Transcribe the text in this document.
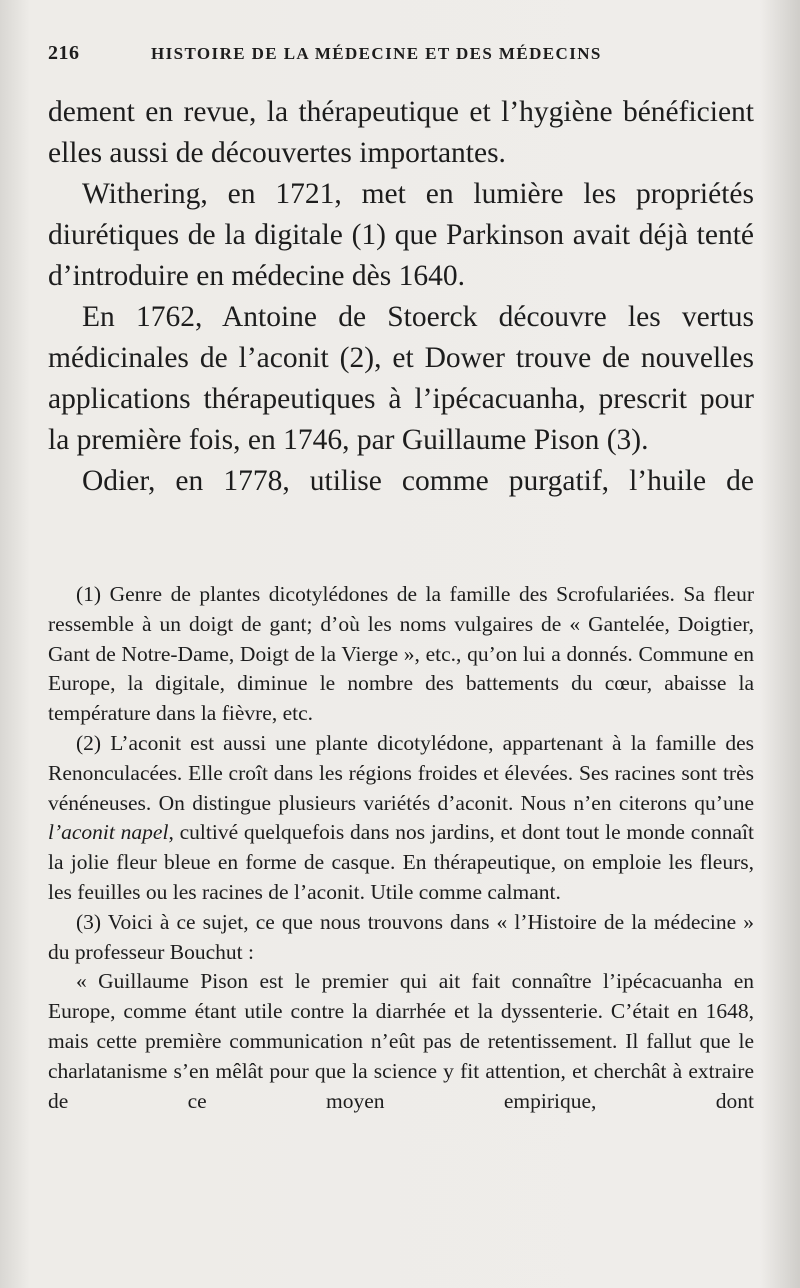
216	HISTOIRE DE LA MÉDECINE ET DES MÉDECINS

dement en revue, la thérapeutique et l’hygiène bénéficient elles aussi de découvertes importantes.

Withering, en 1721, met en lumière les propriétés diurétiques de la digitale (1) que Parkinson avait déjà tenté d’introduire en médecine dès 1640.

En 1762, Antoine de Stoerck découvre les vertus médicinales de l’aconit (2), et Dower trouve de nouvelles applications thérapeutiques à l’ipécacuanha, prescrit pour la première fois, en 1746, par Guillaume Pison (3).

Odier, en 1778, utilise comme purgatif, l’huile de

(1) Genre de plantes dicotylédones de la famille des Scrofulariées. Sa fleur ressemble à un doigt de gant; d’où les noms vulgaires de « Gantelée, Doigtier, Gant de Notre-Dame, Doigt de la Vierge », etc., qu’on lui a donnés. Commune en Europe, la digitale, diminue le nombre des battements du cœur, abaisse la température dans la fièvre, etc.

(2) L’aconit est aussi une plante dicotylédone, appartenant à la famille des Renonculacées. Elle croît dans les régions froides et élevées. Ses racines sont très vénéneuses. On distingue plusieurs variétés d’aconit. Nous n’en citerons qu’une l’aconit napel, cultivé quelquefois dans nos jardins, et dont tout le monde connaît la jolie fleur bleue en forme de casque. En thérapeutique, on emploie les fleurs, les feuilles ou les racines de l’aconit. Utile comme calmant.

(3) Voici à ce sujet, ce que nous trouvons dans « l’Histoire de la médecine » du professeur Bouchut :

« Guillaume Pison est le premier qui ait fait connaître l’ipécacuanha en Europe, comme étant utile contre la diarrhée et la dyssenterie. C’était en 1648, mais cette première communication n’eût pas de retentissement. Il fallut que le charlatanisme s’en mêlât pour que la science y fit attention, et cherchât à extraire de ce moyen empirique, dont
